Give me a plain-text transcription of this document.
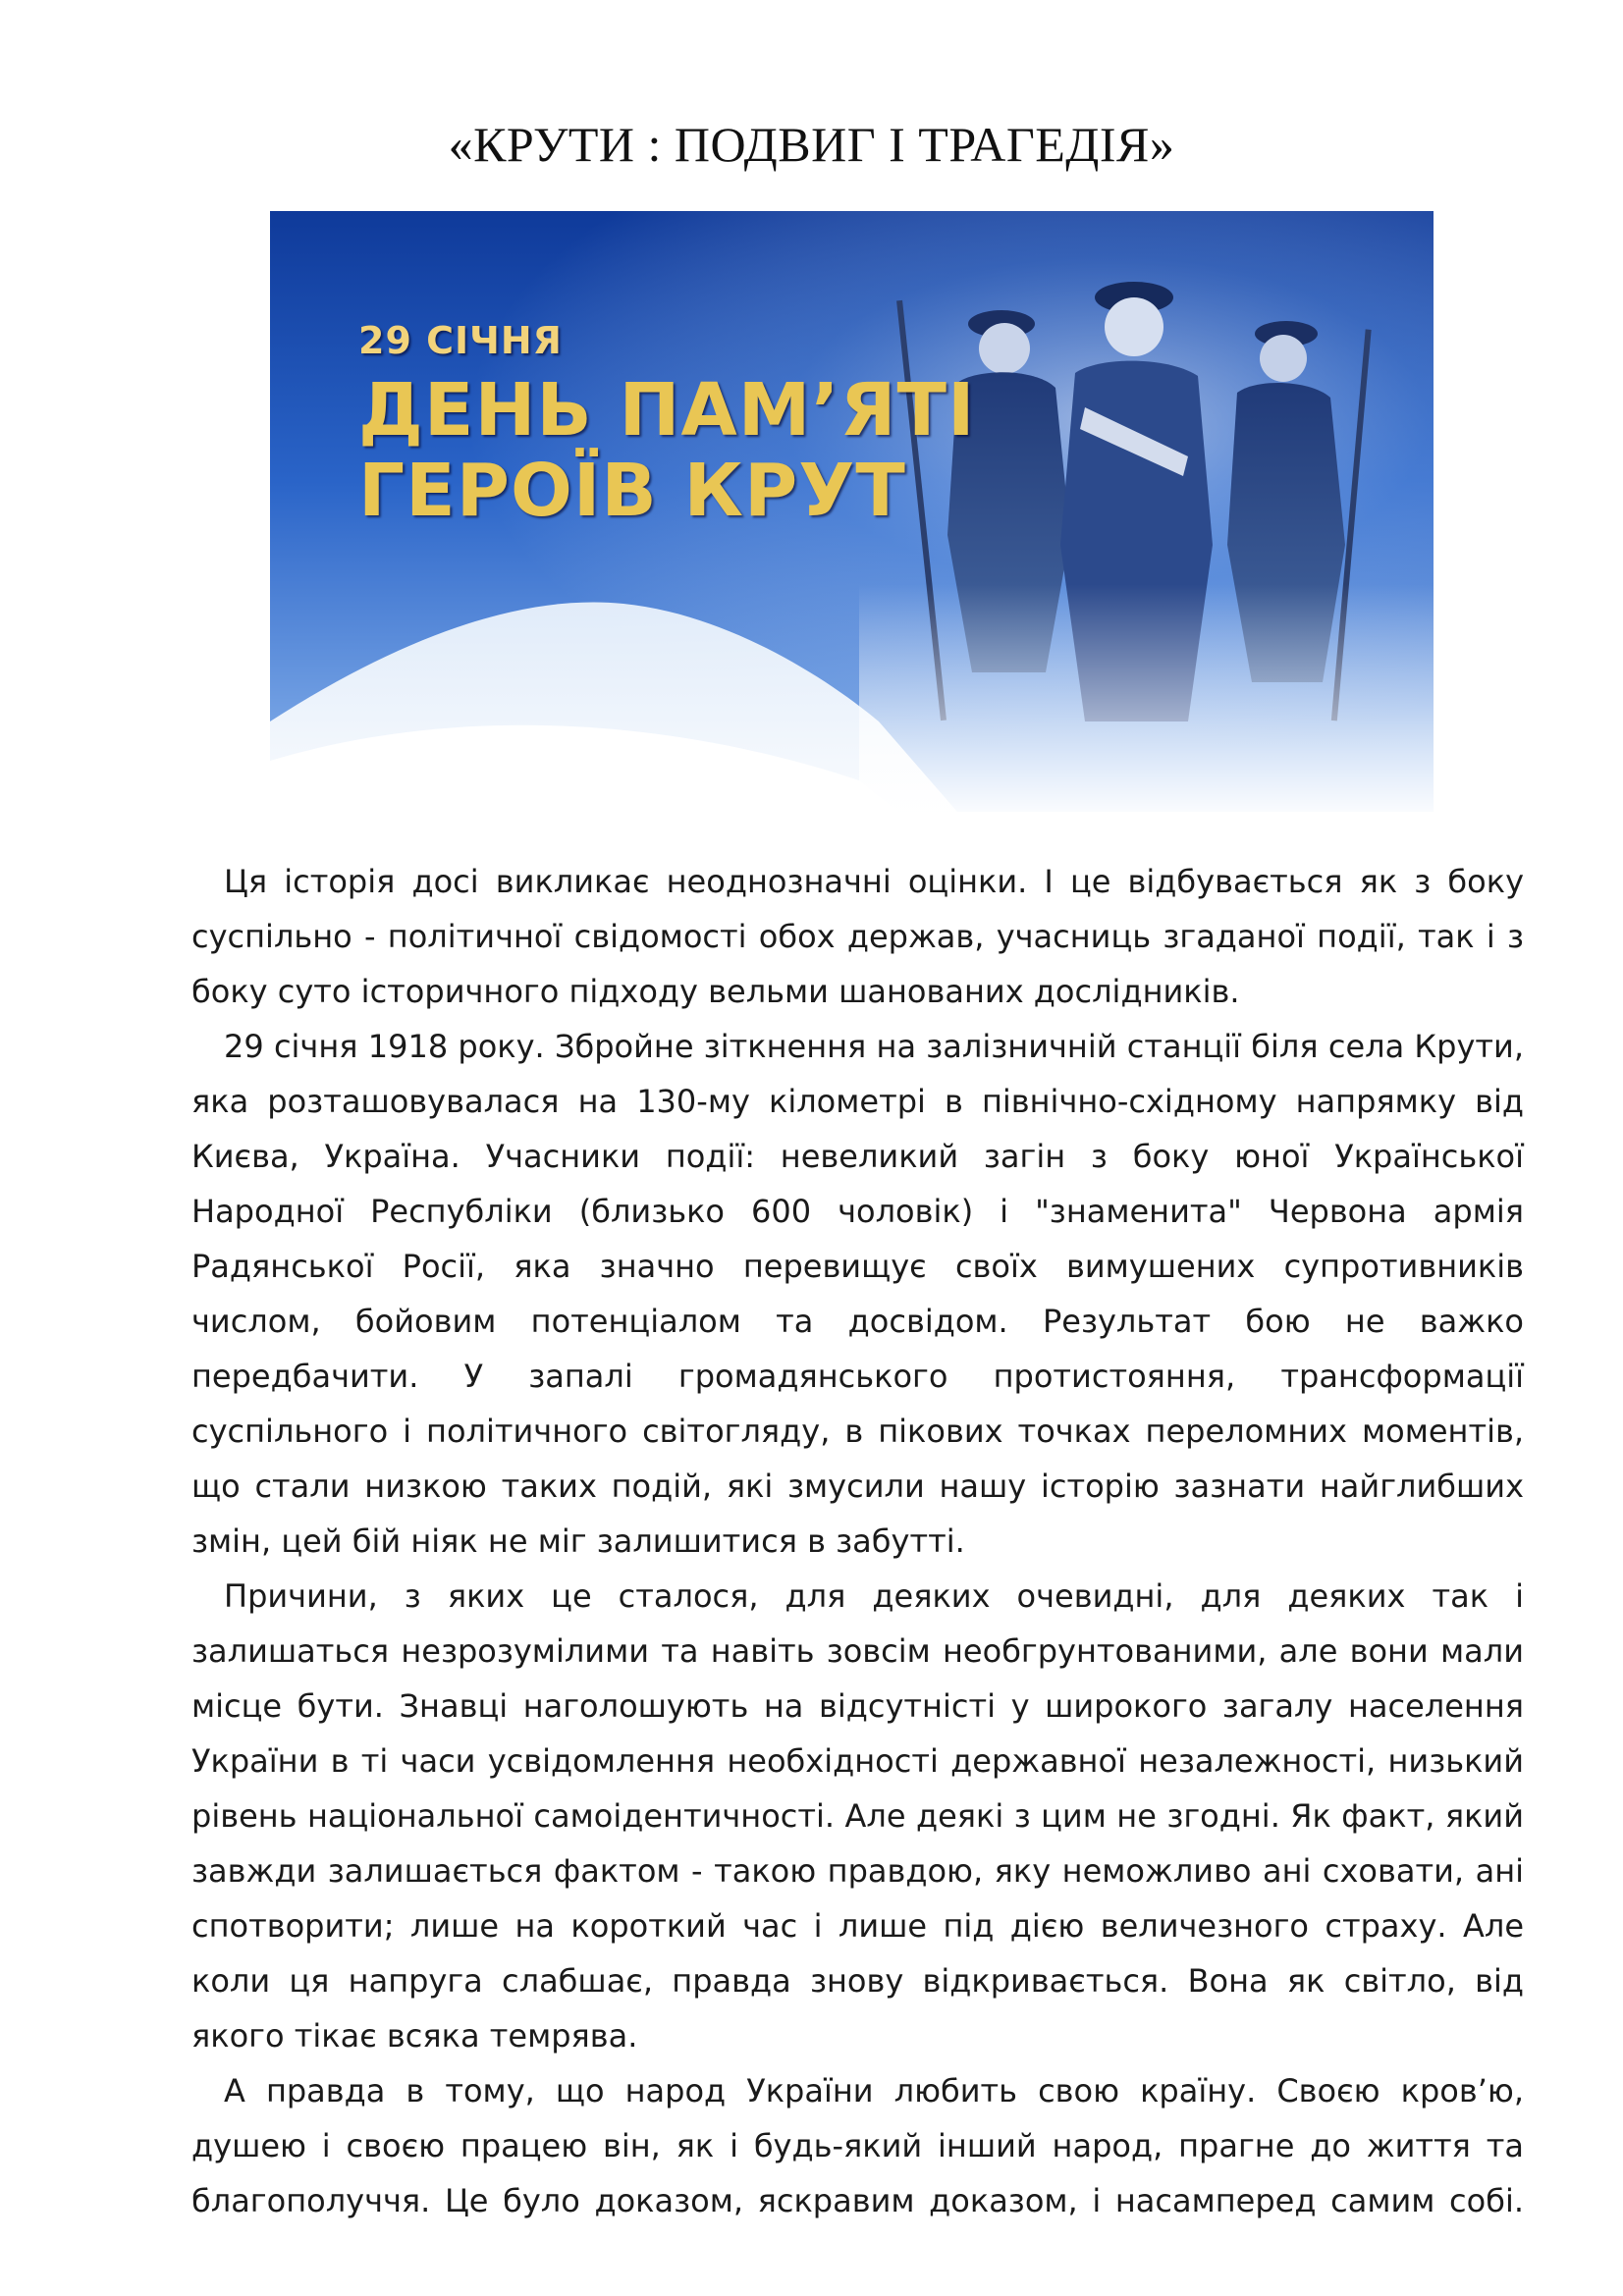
«КРУТИ : ПОДВИГ І ТРАГЕДІЯ»
29 СІЧНЯ
ДЕНЬ ПАМ’ЯТІ
ГЕРОЇВ КРУТ

Ця історія досі викликає неоднозначні оцінки. І це відбувається як з боку суспільно - політичної свідомості обох держав, учасниць згаданої події, так і з боку суто історичного підходу вельми шанованих дослідників.

29 січня 1918 року. Збройне зіткнення на залізничній станції біля села Крути, яка розташовувалася на 130-му кілометрі в північно-східному напрямку від Києва, Україна. Учасники події: невеликий загін з боку юної Української Народної Республіки (близько 600 чоловік) і "знаменита" Червона армія Радянської Росії, яка значно перевищує своїх вимушених супротивників числом, бойовим потенціалом та досвідом. Результат бою не важко передбачити. У запалі громадянського протистояння, трансформації суспільного і політичного світогляду, в пікових точках переломних моментів, що стали низкою таких подій, які змусили нашу історію зазнати найглибших змін, цей бій ніяк не міг залишитися в забутті.

Причини, з яких це сталося, для деяких очевидні, для деяких так і залишаться незрозумілими та навіть зовсім необгрунтованими, але вони мали місце бути. Знавці наголошують на відсутністі у широкого загалу населення України в ті часи усвідомлення необхідності державної незалежності, низький рівень національної самоідентичності. Але деякі з цим не згодні. Як факт, який завжди залишається фактом - такою правдою, яку неможливо ані сховати, ані спотворити; лише на короткий час і лише під дією величезного страху. Але коли ця напруга слабшає, правда знову відкривається. Вона як світло, від якого тікає всяка темрява.

А правда в тому, що народ України любить свою країну. Своєю кров’ю, душею і своєю працею він, як і будь-який інший народ, прагне до життя та благополуччя. Це було доказом, яскравим доказом, і насамперед самим собі.
